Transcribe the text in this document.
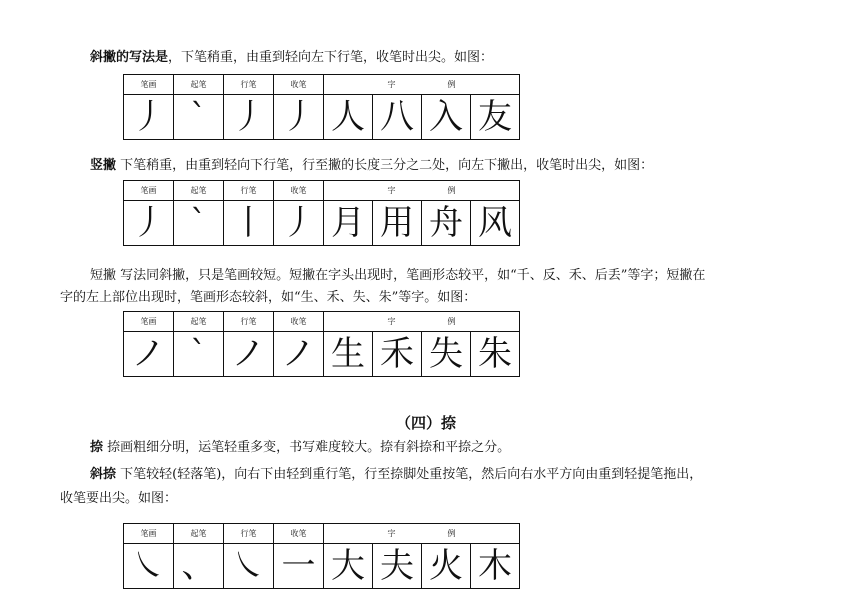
斜撇的写法是，下笔稍重，由重到轻向左下行笔，收笔时出尖。如图：
笔画	起笔	行笔	收笔	字例			
丿	`	丿	丿	人	八	入	友
竖撇 下笔稍重，由重到轻向下行笔，行至撇的长度三分之二处，向左下撇出，收笔时出尖，如图：
笔画	起笔	行笔	收笔	字例			
丿	`	丨	丿	月	用	舟	风
短撇 写法同斜撇，只是笔画较短。短撇在字头出现时，笔画形态较平，如“千、反、禾、后丢”等字；短撇在
字的左上部位出现时，笔画形态较斜，如“生、禾、失、朱”等字。如图：
笔画	起笔	行笔	收笔	字例			
ノ	`	ノ	ノ	生	禾	失	朱
（四）捺
捺 捺画粗细分明，运笔轻重多变，书写难度较大。捺有斜捺和平捺之分。
斜捺 下笔较轻(轻落笔)，向右下由轻到重行笔，行至捺脚处重按笔，然后向右水平方向由重到轻提笔拖出，
收笔要出尖。如图：
笔画	起笔	行笔	收笔	字例			
㇏	、	㇏	一	大	夫	火	木
